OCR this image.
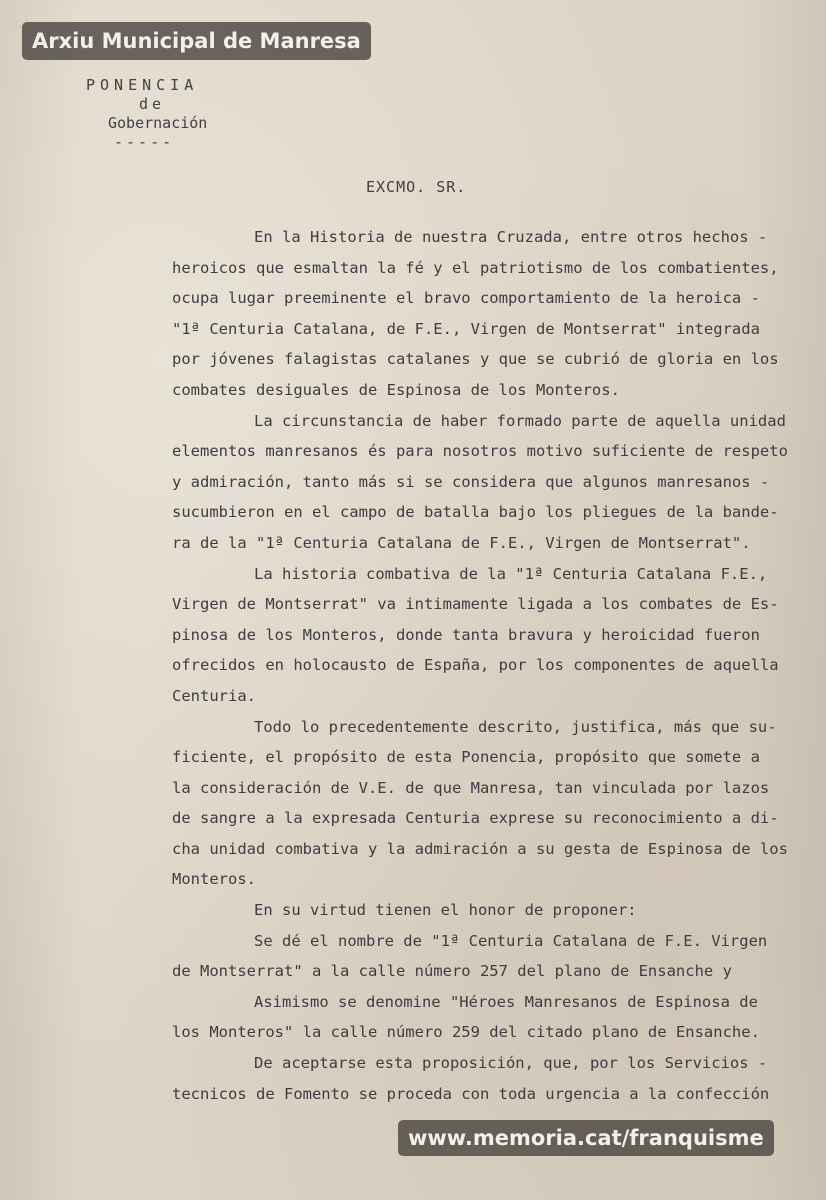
Arxiu Municipal de Manresa
PONENCIA
de
Gobernación
-----
EXCMO. SR.
En la Historia de nuestra Cruzada, entre otros hechos -
heroicos que esmaltan la fé y el patriotismo de los combatientes,
ocupa lugar preeminente el bravo comportamiento de la heroica -
"1ª Centuria Catalana, de F.E., Virgen de Montserrat" integrada
por jóvenes falagistas catalanes y que se cubrió de gloria en los
combates desiguales de Espinosa de los Monteros.
La circunstancia de haber formado parte de aquella unidad
elementos manresanos és para nosotros motivo suficiente de respeto
y admiración, tanto más si se considera que algunos manresanos -
sucumbieron en el campo de batalla bajo los pliegues de la bande-
ra de la "1ª Centuria Catalana de F.E., Virgen de Montserrat".
La historia combativa de la "1ª Centuria Catalana F.E.,
Virgen de Montserrat" va intimamente ligada a los combates de Es-
pinosa de los Monteros, donde tanta bravura y heroicidad fueron
ofrecidos en holocausto de España, por los componentes de aquella
Centuria.
Todo lo precedentemente descrito, justifica, más que su-
ficiente, el propósito de esta Ponencia, propósito que somete a
la consideración de V.E. de que Manresa, tan vinculada por lazos
de sangre a la expresada Centuria exprese su reconocimiento a di-
cha unidad combativa y la admiración a su gesta de Espinosa de los
Monteros.
En su virtud tienen el honor de proponer:
Se dé el nombre de "1ª Centuria Catalana de F.E. Virgen
de Montserrat" a la calle número 257 del plano de Ensanche y
Asimismo se denomine "Héroes Manresanos de Espinosa de
los Monteros" la calle número 259 del citado plano de Ensanche.
De aceptarse esta proposición, que, por los Servicios -
tecnicos de Fomento se proceda con toda urgencia a la confección
www.memoria.cat/franquisme
